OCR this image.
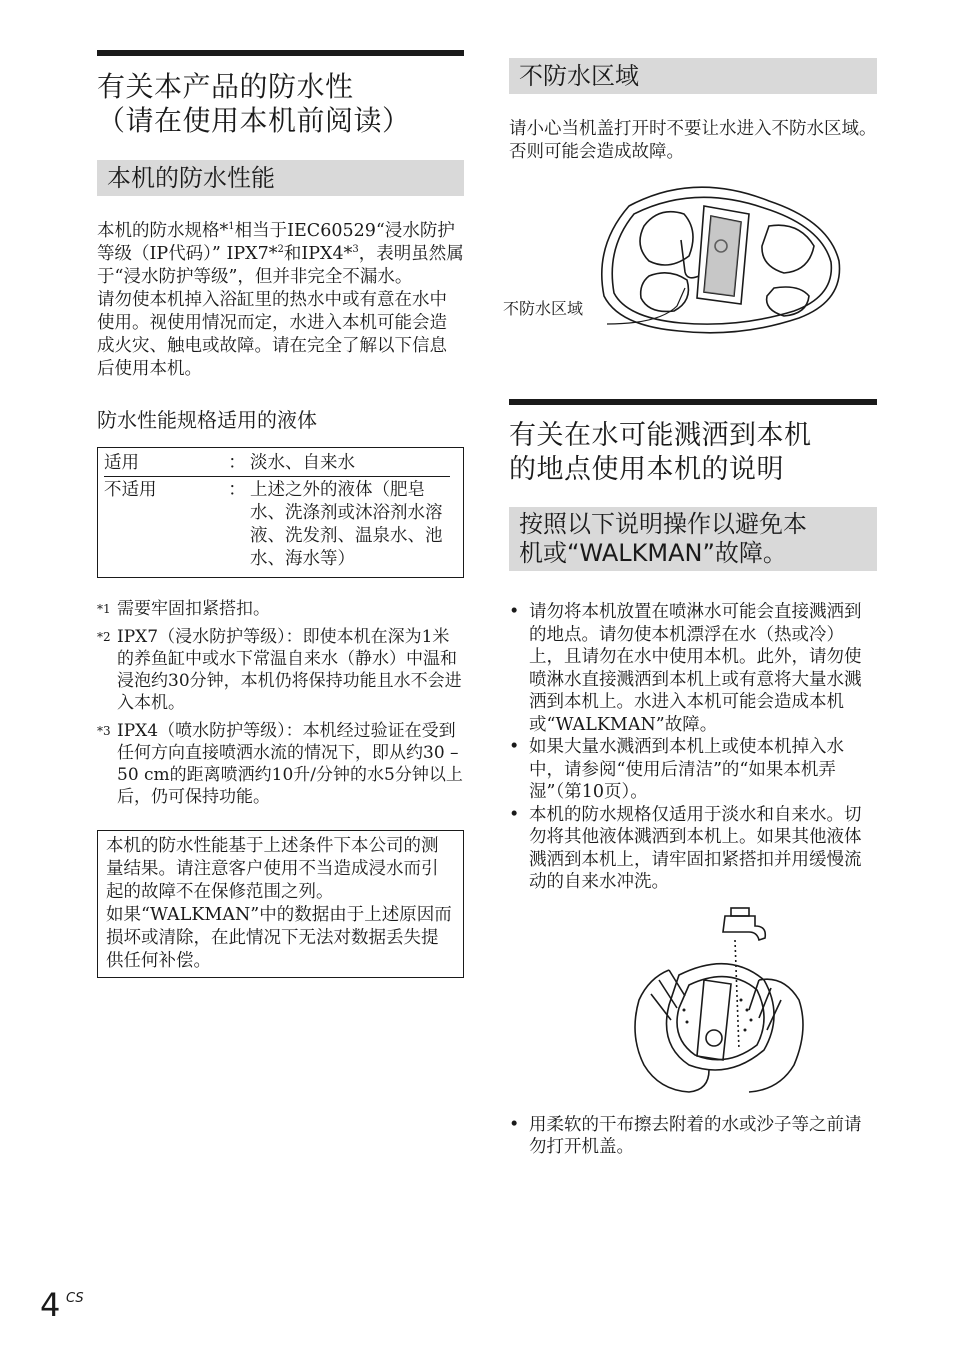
有关本产品的防水性
（请在使用本机前阅读）
本机的防水性能

本机的防水规格*$^1$相当于IEC60529“浸水防护等级（IP代码）” IPX7*$^2$和IPX4*$^3$，表明虽然属于“浸水防护等级”，但并非完全不漏水。

请勿使本机掉入浴缸里的热水中或有意在水中使用。视使用情况而定，水进入本机可能会造成火灾、触电或故障。请在完全了解以下信息后使用本机。

防水性能规格适用的液体
适用	： 淡水、自来水
不适用	： 上述之外的液体（肥皂水、洗涤剂或沐浴剂水溶液、洗发剂、温泉水、池水、海水等）
*1 需要牢固扣紧搭扣。
*2 IPX7（浸水防护等级）：即使本机在深为1米的养鱼缸中或水下常温自来水（静水）中温和浸泡约30分钟，本机仍将保持功能且水不会进入本机。
*3 IPX4（喷水防护等级）：本机经过验证在受到任何方向直接喷洒水流的情况下，即从约30 – 50 cm的距离喷洒约10升/分钟的水5分钟以上后，仍可保持功能。
本机的防水性能基于上述条件下本公司的测量结果。请注意客户使用不当造成浸水而引起的故障不在保修范围之列。
如果“WALKMAN”中的数据由于上述原因而损坏或清除，在此情况下无法对数据丢失提供任何补偿。
不防水区域
请小心当机盖打开时不要让水进入不防水区域。否则可能会造成故障。
不防水区域
有关在水可能溅洒到本机
的地点使用本机的说明
按照以下说明操作以避免本
机或“WALKMAN”故障。
• 请勿将本机放置在喷淋水可能会直接溅洒到的地点。请勿使本机漂浮在水（热或冷）上，且请勿在水中使用本机。此外，请勿使喷淋水直接溅洒到本机上或有意将大量水溅洒到本机上。水进入本机可能会造成本机或“WALKMAN”故障。
• 如果大量水溅洒到本机上或使本机掉入水中，请参阅“使用后清洁”的“如果本机弄湿”（第10页）。
• 本机的防水规格仅适用于淡水和自来水。切勿将其他液体溅洒到本机上。如果其他液体溅洒到本机上，请牢固扣紧搭扣并用缓慢流动的自来水冲洗。
• 用柔软的干布擦去附着的水或沙子等之前请勿打开机盖。
4 CS
